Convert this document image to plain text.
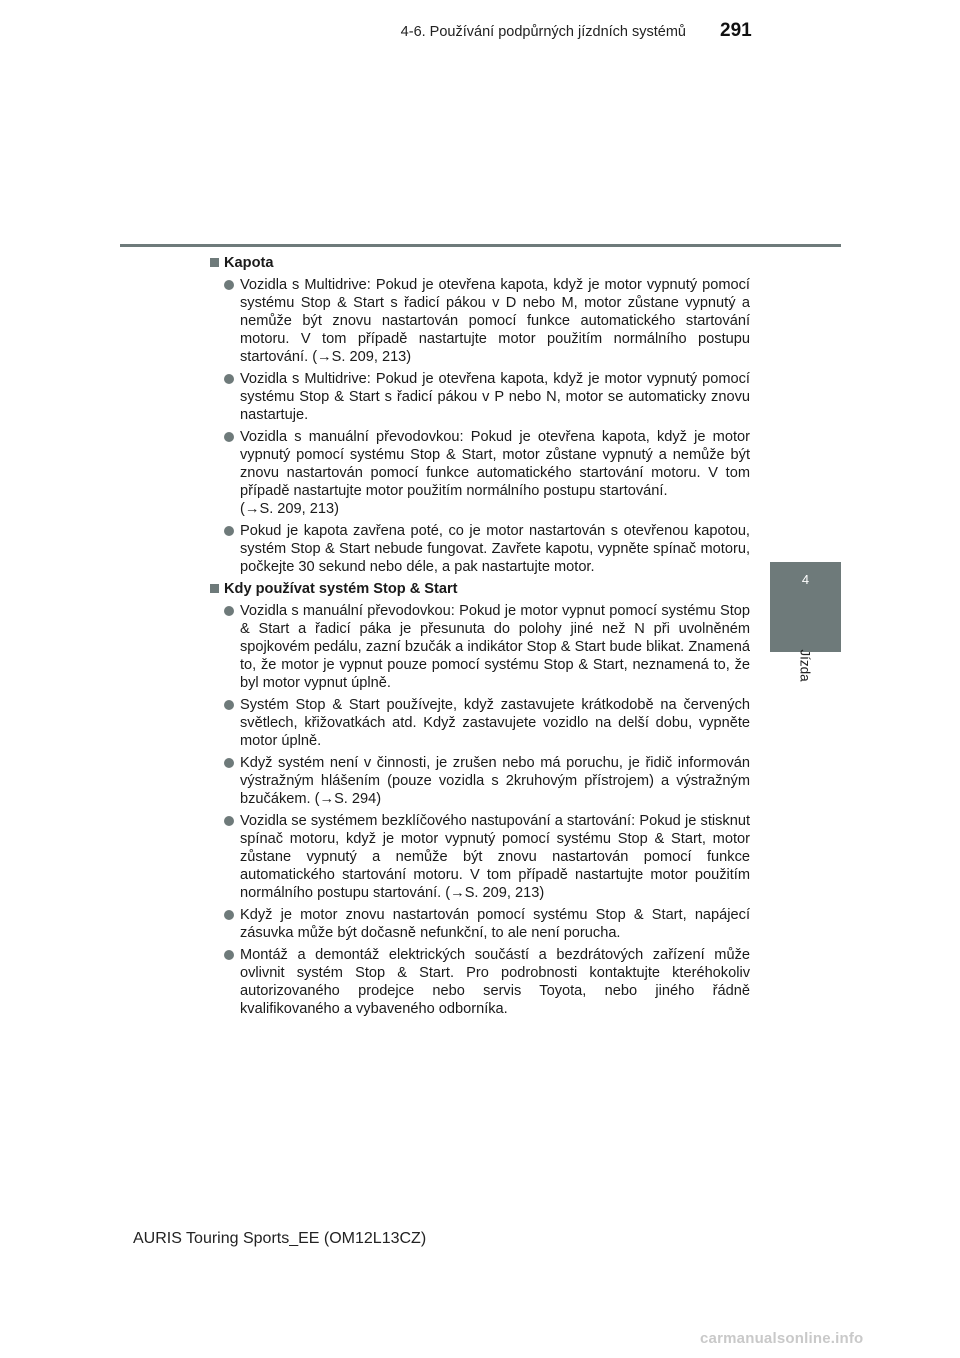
4-6. Používání podpůrných jízdních systémů 291
4
Jízda
Kapota
Vozidla s Multidrive: Pokud je otevřena kapota, když je motor vypnutý pomocí systému Stop & Start s řadicí pákou v D nebo M, motor zůstane vypnutý a nemůže být znovu nastartován pomocí funkce automatického startování motoru. V tom případě nastartujte motor použitím normálního postupu startování. (→S. 209, 213)
Vozidla s Multidrive: Pokud je otevřena kapota, když je motor vypnutý pomocí systému Stop & Start s řadicí pákou v P nebo N, motor se automaticky znovu nastartuje.
Vozidla s manuální převodovkou: Pokud je otevřena kapota, když je motor vypnutý pomocí systému Stop & Start, motor zůstane vypnutý a nemůže být znovu nastartován pomocí funkce automatického startování motoru. V tom případě nastartujte motor použitím normálního postupu startování.
(→S. 209, 213)
Pokud je kapota zavřena poté, co je motor nastartován s otevřenou kapotou, systém Stop & Start nebude fungovat. Zavřete kapotu, vypněte spínač motoru, počkejte 30 sekund nebo déle, a pak nastartujte motor.
Kdy používat systém Stop & Start
Vozidla s manuální převodovkou: Pokud je motor vypnut pomocí systému Stop & Start a řadicí páka je přesunuta do polohy jiné než N při uvolněném spojkovém pedálu, zazní bzučák a indikátor Stop & Start bude blikat. Znamená to, že motor je vypnut pouze pomocí systému Stop & Start, neznamená to, že byl motor vypnut úplně.
Systém Stop & Start používejte, když zastavujete krátkodobě na červených světlech, křižovatkách atd. Když zastavujete vozidlo na delší dobu, vypněte motor úplně.
Když systém není v činnosti, je zrušen nebo má poruchu, je řidič informován výstražným hlášením (pouze vozidla s 2kruhovým přístrojem) a výstražným bzučákem. (→S. 294)
Vozidla se systémem bezklíčového nastupování a startování: Pokud je stisknut spínač motoru, když je motor vypnutý pomocí systému Stop & Start, motor zůstane vypnutý a nemůže být znovu nastartován pomocí funkce automatického startování motoru. V tom případě nastartujte motor použitím normálního postupu startování. (→S. 209, 213)
Když je motor znovu nastartován pomocí systému Stop & Start, napájecí zásuvka může být dočasně nefunkční, to ale není porucha.
Montáž a demontáž elektrických součástí a bezdrátových zařízení může ovlivnit systém Stop & Start. Pro podrobnosti kontaktujte kteréhokoliv autorizovaného prodejce nebo servis Toyota, nebo jiného řádně kvalifikovaného a vybaveného odborníka.
AURIS Touring Sports_EE (OM12L13CZ)
carmanualsonline.info
